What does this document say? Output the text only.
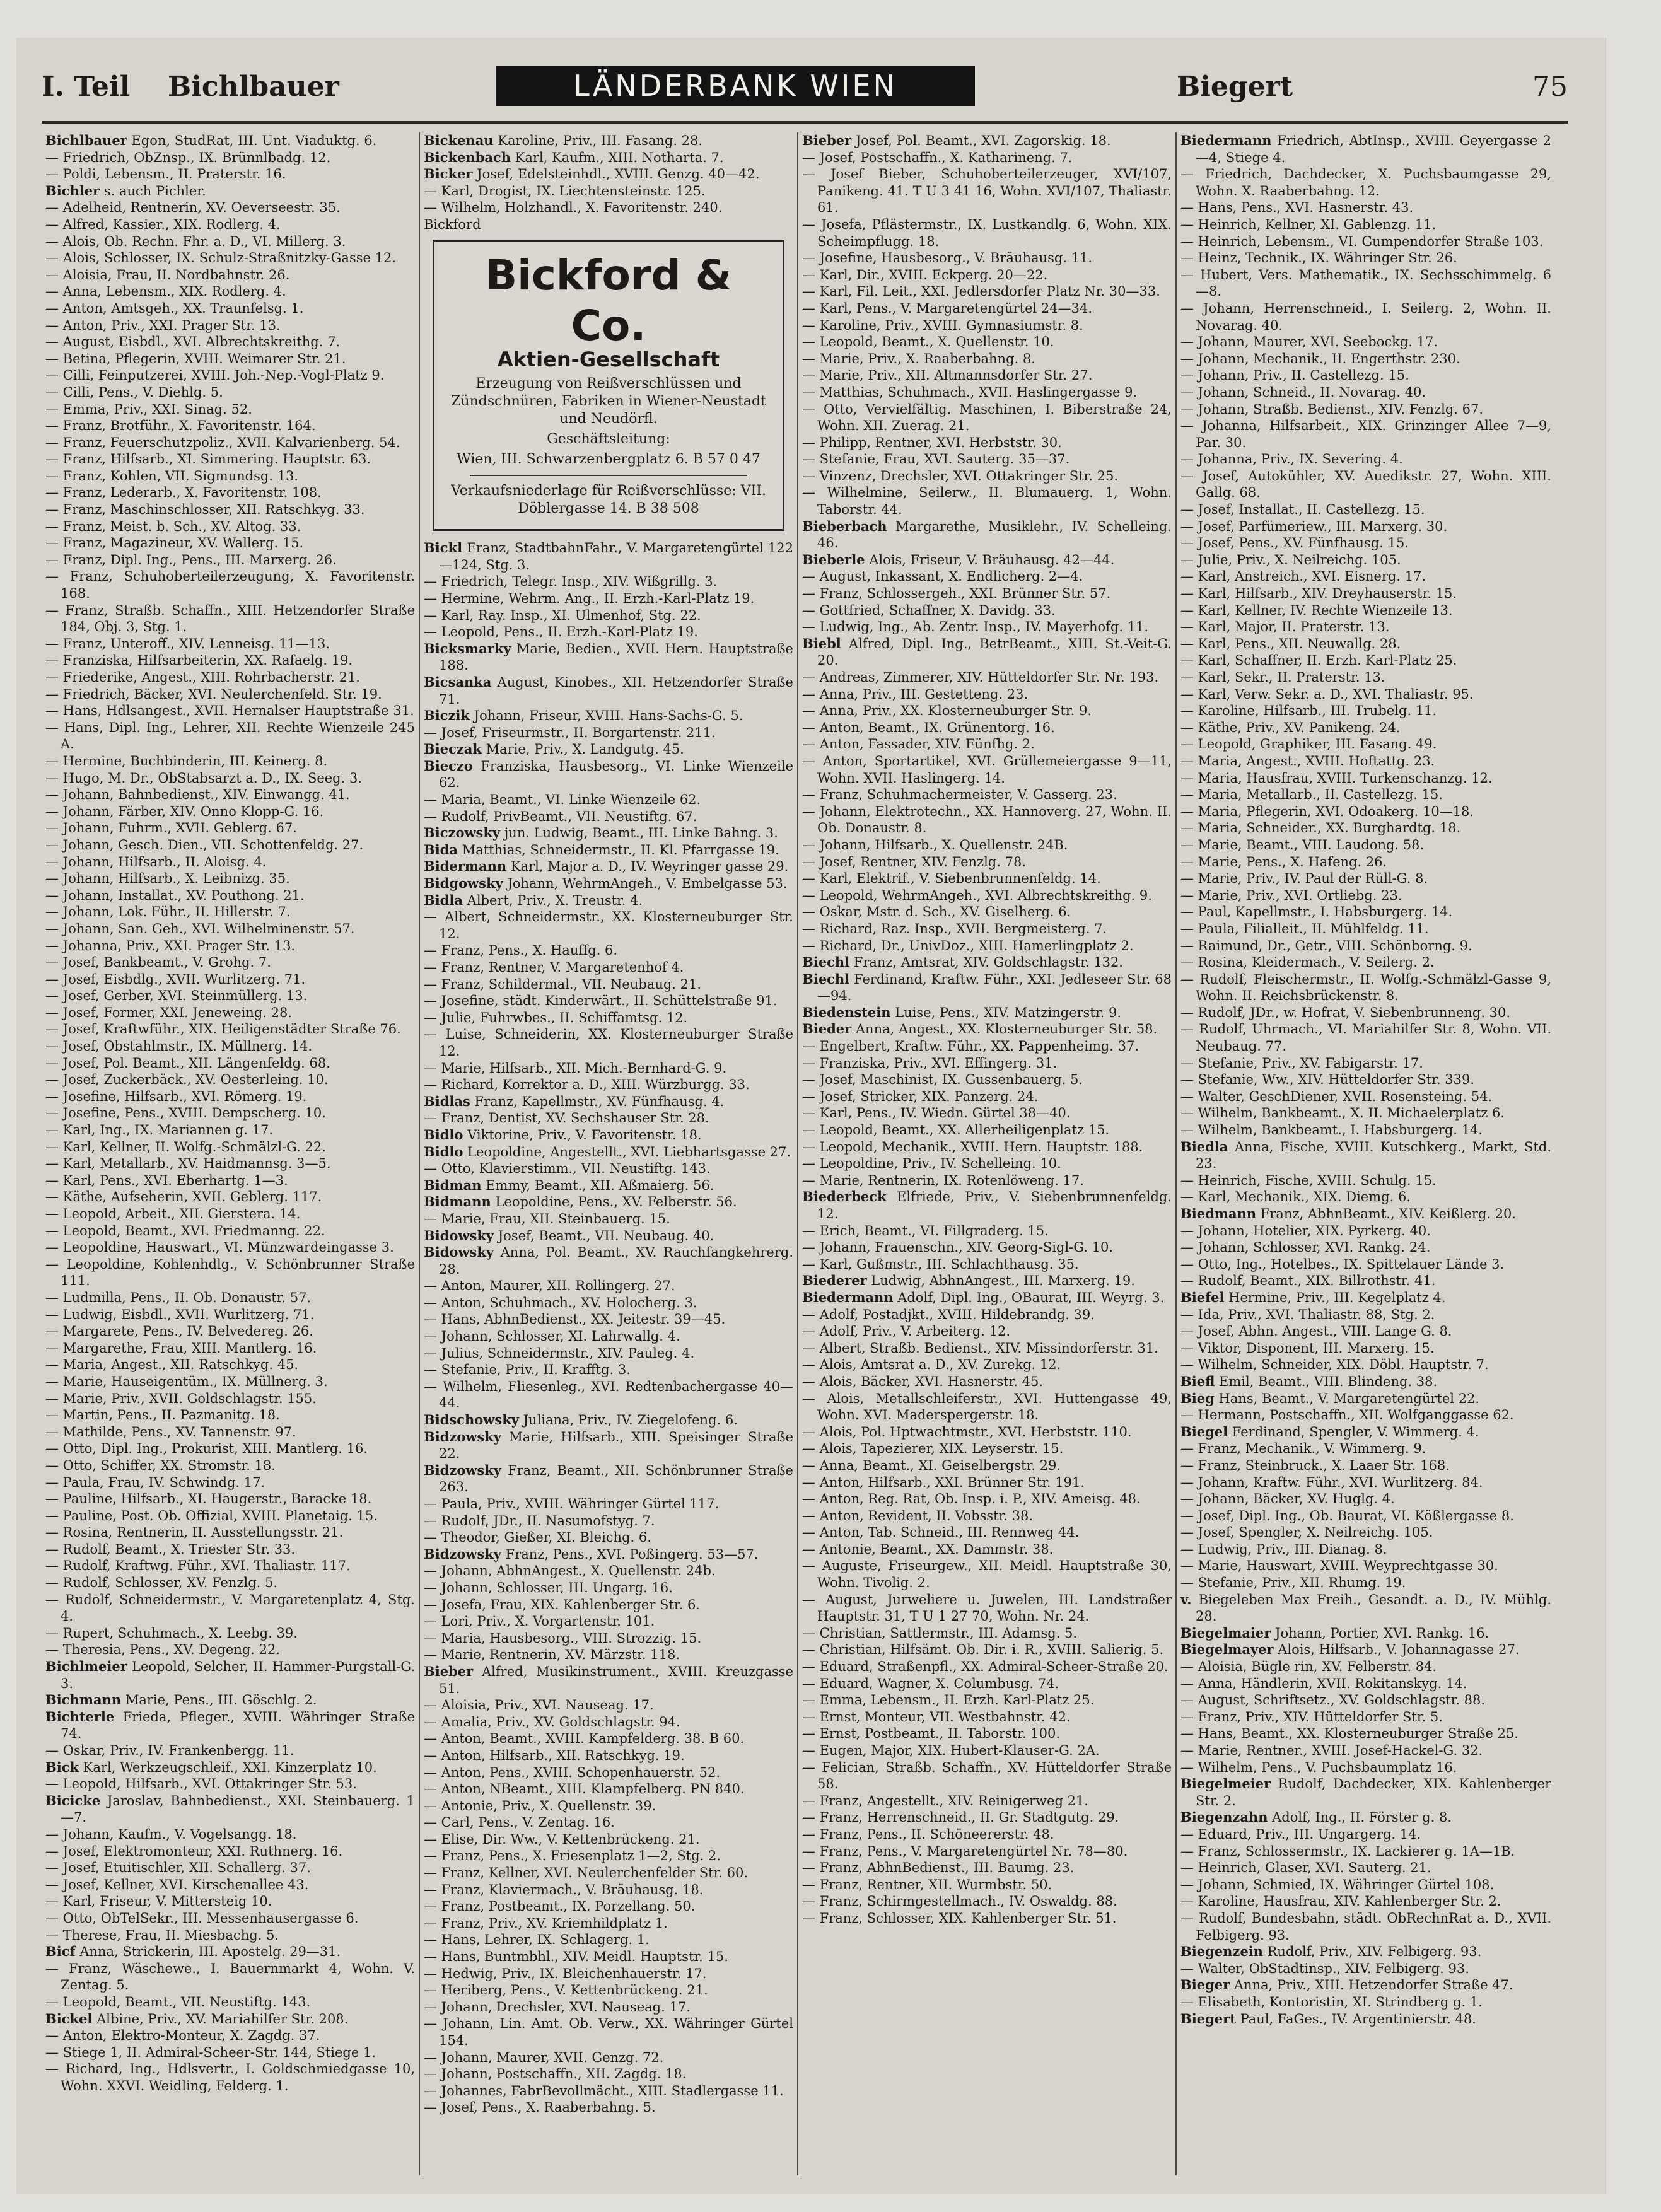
I. Teil Bichlbauer	LÄNDERBANK WIEN	Biegert	75

Bichlbauer Egon, StudRat, III. Unt. Viaduktg. 6.

— Friedrich, ObZnsp., IX. Brünnlbadg. 12.

— Poldi, Lebensm., II. Praterstr. 16.

Bichler s. auch Pichler.

— Adelheid, Rentnerin, XV. Oeverseestr. 35.

— Alfred, Kassier., XIX. Rodlerg. 4.

— Alois, Ob. Rechn. Fhr. a. D., VI. Millerg. 3.

— Alois, Schlosser, IX. Schulz-Straßnitzky-Gasse 12.

— Aloisia, Frau, II. Nordbahnstr. 26.

— Anna, Lebensm., XIX. Rodlerg. 4.

— Anton, Amtsgeh., XX. Traunfelsg. 1.

— Anton, Priv., XXI. Prager Str. 13.

— August, Eisbdl., XVI. Albrechtskreithg. 7.

— Betina, Pflegerin, XVIII. Weimarer Str. 21.

— Cilli, Feinputzerei, XVIII. Joh.-Nep.-Vogl-Platz 9.

— Cilli, Pens., V. Diehlg. 5.

— Emma, Priv., XXI. Sinag. 52.

— Franz, Brotführ., X. Favoritenstr. 164.

— Franz, Feuerschutzpoliz., XVII. Kalvarienberg. 54.

— Franz, Hilfsarb., XI. Simmering. Hauptstr. 63.

— Franz, Kohlen, VII. Sigmundsg. 13.

— Franz, Lederarb., X. Favoritenstr. 108.

— Franz, Maschinschlosser, XII. Ratschkyg. 33.

— Franz, Meist. b. Sch., XV. Altog. 33.

— Franz, Magazineur, XV. Wallerg. 15.

— Franz, Dipl. Ing., Pens., III. Marxerg. 26.

— Franz, Schuhoberteilerzeugung, X. Favoritenstr. 168.

— Franz, Straßb. Schaffn., XIII. Hetzendorfer Straße 184, Obj. 3, Stg. 1.

— Franz, Unteroff., XIV. Lenneisg. 11—13.

— Franziska, Hilfsarbeiterin, XX. Rafaelg. 19.

— Friederike, Angest., XIII. Rohrbacherstr. 21.

— Friedrich, Bäcker, XVI. Neulerchenfeld. Str. 19.

— Hans, Hdlsangest., XVII. Hernalser Hauptstraße 31.

— Hans, Dipl. Ing., Lehrer, XII. Rechte Wienzeile 245 A.

— Hermine, Buchbinderin, III. Keinerg. 8.

— Hugo, M. Dr., ObStabsarzt a. D., IX. Seeg. 3.

— Johann, Bahnbedienst., XIV. Einwangg. 41.

— Johann, Färber, XIV. Onno Klopp-G. 16.

— Johann, Fuhrm., XVII. Geblerg. 67.

— Johann, Gesch. Dien., VII. Schottenfeldg. 27.

— Johann, Hilfsarb., II. Aloisg. 4.

— Johann, Hilfsarb., X. Leibnizg. 35.

— Johann, Installat., XV. Pouthong. 21.

— Johann, Lok. Führ., II. Hillerstr. 7.

— Johann, San. Geh., XVI. Wilhelminenstr. 57.

— Johanna, Priv., XXI. Prager Str. 13.

— Josef, Bankbeamt., V. Grohg. 7.

— Josef, Eisbdlg., XVII. Wurlitzerg. 71.

— Josef, Gerber, XVI. Steinmüllerg. 13.

— Josef, Former, XXI. Jeneweing. 28.

— Josef, Kraftwführ., XIX. Heiligenstädter Straße 76.

— Josef, Obstahlmstr., IX. Müllnerg. 14.

— Josef, Pol. Beamt., XII. Längenfeldg. 68.

— Josef, Zuckerbäck., XV. Oesterleing. 10.

— Josefine, Hilfsarb., XVI. Römerg. 19.

— Josefine, Pens., XVIII. Dempscherg. 10.

— Karl, Ing., IX. Mariannen g. 17.

— Karl, Kellner, II. Wolfg.-Schmälzl-G. 22.

— Karl, Metallarb., XV. Haidmannsg. 3—5.

— Karl, Pens., XVI. Eberhartg. 1—3.

— Käthe, Aufseherin, XVII. Geblerg. 117.

— Leopold, Arbeit., XII. Gierstera. 14.

— Leopold, Beamt., XVI. Friedmanng. 22.

— Leopoldine, Hauswart., VI. Münzwardeingasse 3.

— Leopoldine, Kohlenhdlg., V. Schönbrunner Straße 111.

— Ludmilla, Pens., II. Ob. Donaustr. 57.

— Ludwig, Eisbdl., XVII. Wurlitzerg. 71.

— Margarete, Pens., IV. Belvedereg. 26.

— Margarethe, Frau, XIII. Mantlerg. 16.

— Maria, Angest., XII. Ratschkyg. 45.

— Marie, Hauseigentüm., IX. Müllnerg. 3.

— Marie, Priv., XVII. Goldschlagstr. 155.

— Martin, Pens., II. Pazmanitg. 18.

— Mathilde, Pens., XV. Tannenstr. 97.

— Otto, Dipl. Ing., Prokurist, XIII. Mantlerg. 16.

— Otto, Schiffer, XX. Stromstr. 18.

— Paula, Frau, IV. Schwindg. 17.

— Pauline, Hilfsarb., XI. Haugerstr., Baracke 18.

— Pauline, Post. Ob. Offizial, XVIII. Planetaig. 15.

— Rosina, Rentnerin, II. Ausstellungsstr. 21.

— Rudolf, Beamt., X. Triester Str. 33.

— Rudolf, Kraftwg. Führ., XVI. Thaliastr. 117.

— Rudolf, Schlosser, XV. Fenzlg. 5.

— Rudolf, Schneidermstr., V. Margaretenplatz 4, Stg. 4.

— Rupert, Schuhmach., X. Leebg. 39.

— Theresia, Pens., XV. Degeng. 22.

Bichlmeier Leopold, Selcher, II. Hammer-Purgstall-G. 3.

Bichmann Marie, Pens., III. Göschlg. 2.

Bichterle Frieda, Pfleger., XVIII. Währinger Straße 74.

— Oskar, Priv., IV. Frankenbergg. 11.

Bick Karl, Werkzeugschleif., XXI. Kinzerplatz 10.

— Leopold, Hilfsarb., XVI. Ottakringer Str. 53.

Bicicke Jaroslav, Bahnbedienst., XXI. Steinbauerg. 1—7.

— Johann, Kaufm., V. Vogelsangg. 18.

— Josef, Elektromonteur, XXI. Ruthnerg. 16.

— Josef, Etuitischler, XII. Schallerg. 37.

— Josef, Kellner, XVI. Kirschenallee 43.

— Karl, Friseur, V. Mittersteig 10.

— Otto, ObTelSekr., III. Messenhausergasse 6.

— Therese, Frau, II. Miesbachg. 5.

Bicf Anna, Strickerin, III. Apostelg. 29—31.

— Franz, Wäschewe., I. Bauernmarkt 4, Wohn. V. Zentag. 5.

— Leopold, Beamt., VII. Neustiftg. 143.

Bickel Albine, Priv., XV. Mariahilfer Str. 208.

— Anton, Elektro-Monteur, X. Zagdg. 37.

— Stiege 1, II. Admiral-Scheer-Str. 144, Stiege 1.

— Richard, Ing., Hdlsvertr., I. Goldschmiedgasse 10, Wohn. XXVI. Weidling, Felderg. 1.

Bickenau Karoline, Priv., III. Fasang. 28.

Bickenbach Karl, Kaufm., XIII. Notharta. 7.

Bicker Josef, Edelsteinhdl., XVIII. Genzg. 40—42.

— Karl, Drogist, IX. Liechtensteinstr. 125.

— Wilhelm, Holzhandl., X. Favoritenstr. 240.

Bickford

Bickford & Co.
Aktien-Gesellschaft
Erzeugung von Reißverschlüssen und Zündschnüren, Fabriken in Wiener-Neustadt und Neudörfl.
Geschäftsleitung:
Wien, III. Schwarzenbergplatz 6. B 57 0 47
Verkaufsniederlage für Reißverschlüsse: VII. Döblergasse 14. B 38 508

Bickl Franz, StadtbahnFahr., V. Margaretengürtel 122—124, Stg. 3.

— Friedrich, Telegr. Insp., XIV. Wißgrillg. 3.

— Hermine, Wehrm. Ang., II. Erzh.-Karl-Platz 19.

— Karl, Ray. Insp., XI. Ulmenhof, Stg. 22.

— Leopold, Pens., II. Erzh.-Karl-Platz 19.

Bicksmarky Marie, Bedien., XVII. Hern. Hauptstraße 188.

Bicsanka August, Kinobes., XII. Hetzendorfer Straße 71.

Biczik Johann, Friseur, XVIII. Hans-Sachs-G. 5.

— Josef, Friseurmstr., II. Borgartenstr. 211.

Bieczak Marie, Priv., X. Landgutg. 45.

Bieczo Franziska, Hausbesorg., VI. Linke Wienzeile 62.

— Maria, Beamt., VI. Linke Wienzeile 62.

— Rudolf, PrivBeamt., VII. Neustiftg. 67.

Biczowsky jun. Ludwig, Beamt., III. Linke Bahng. 3.

Bida Matthias, Schneidermstr., II. Kl. Pfarrgasse 19.

Bidermann Karl, Major a. D., IV. Weyringer gasse 29.

Bidgowsky Johann, WehrmAngeh., V. Embelgasse 53.

Bidla Albert, Priv., X. Treustr. 4.

— Albert, Schneidermstr., XX. Klosterneuburger Str. 12.

— Franz, Pens., X. Hauffg. 6.

— Franz, Rentner, V. Margaretenhof 4.

— Franz, Schildermal., VII. Neubaug. 21.

— Josefine, städt. Kinderwärt., II. Schüttelstraße 91.

— Julie, Fuhrwbes., II. Schiffamtsg. 12.

— Luise, Schneiderin, XX. Klosterneuburger Straße 12.

— Marie, Hilfsarb., XII. Mich.-Bernhard-G. 9.

— Richard, Korrektor a. D., XIII. Würzburgg. 33.

Bidlas Franz, Kapellmstr., XV. Fünfhausg. 4.

— Franz, Dentist, XV. Sechshauser Str. 28.

Bidlo Viktorine, Priv., V. Favoritenstr. 18.

Bidlo Leopoldine, Angestellt., XVI. Liebhartsgasse 27.

— Otto, Klavierstimm., VII. Neustiftg. 143.

Bidman Emmy, Beamt., XII. Aßmaierg. 56.

Bidmann Leopoldine, Pens., XV. Felberstr. 56.

— Marie, Frau, XII. Steinbauerg. 15.

Bidowsky Josef, Beamt., VII. Neubaug. 40.

Bidowsky Anna, Pol. Beamt., XV. Rauchfangkehrerg. 28.

— Anton, Maurer, XII. Rollingerg. 27.

— Anton, Schuhmach., XV. Holocherg. 3.

— Hans, AbhnBedienst., XX. Jeitestr. 39—45.

— Johann, Schlosser, XI. Lahrwallg. 4.

— Julius, Schneidermstr., XIV. Pauleg. 4.

— Stefanie, Priv., II. Krafftg. 3.

— Wilhelm, Fliesenleg., XVI. Redtenbachergasse 40—44.

Bidschowsky Juliana, Priv., IV. Ziegelofeng. 6.

Bidzowsky Marie, Hilfsarb., XIII. Speisinger Straße 22.

Bidzowsky Franz, Beamt., XII. Schönbrunner Straße 263.

— Paula, Priv., XVIII. Währinger Gürtel 117.

— Rudolf, JDr., II. Nasumofstyg. 7.

— Theodor, Gießer, XI. Bleichg. 6.

Bidzowsky Franz, Pens., XVI. Poßingerg. 53—57.

— Johann, AbhnAngest., X. Quellenstr. 24b.

— Johann, Schlosser, III. Ungarg. 16.

— Josefa, Frau, XIX. Kahlenberger Str. 6.

— Lori, Priv., X. Vorgartenstr. 101.

— Maria, Hausbesorg., VIII. Strozzig. 15.

— Marie, Rentnerin, XV. Märzstr. 118.

Bieber Alfred, Musikinstrument., XVIII. Kreuzgasse 51.

— Aloisia, Priv., XVI. Nauseag. 17.

— Amalia, Priv., XV. Goldschlagstr. 94.

— Anton, Beamt., XVIII. Kampfelderg. 38. B 60.

— Anton, Hilfsarb., XII. Ratschkyg. 19.

— Anton, Pens., XVIII. Schopenhauerstr. 52.

— Anton, NBeamt., XIII. Klampfelberg. PN 840.

— Antonie, Priv., X. Quellenstr. 39.

— Carl, Pens., V. Zentag. 16.

— Elise, Dir. Ww., V. Kettenbrückeng. 21.

— Franz, Pens., X. Friesenplatz 1—2, Stg. 2.

— Franz, Kellner, XVI. Neulerchenfelder Str. 60.

— Franz, Klaviermach., V. Bräuhausg. 18.

— Franz, Postbeamt., IX. Porzellang. 50.

— Franz, Priv., XV. Kriemhildplatz 1.

— Hans, Lehrer, IX. Schlagerg. 1.

— Hans, Buntmbhl., XIV. Meidl. Hauptstr. 15.

— Hedwig, Priv., IX. Bleichenhauerstr. 17.

— Heriberg, Pens., V. Kettenbrückeng. 21.

— Johann, Drechsler, XVI. Nauseag. 17.

— Johann, Lin. Amt. Ob. Verw., XX. Währinger Gürtel 154.

— Johann, Maurer, XVII. Genzg. 72.

— Johann, Postschaffn., XII. Zagdg. 18.

— Johannes, FabrBevollmächt., XIII. Stadlergasse 11.

— Josef, Pens., X. Raaberbahng. 5.

Bieber Josef, Pol. Beamt., XVI. Zagorskig. 18.

— Josef, Postschaffn., X. Katharineng. 7.

— Josef Bieber, Schuhoberteilerzeuger, XVI/107, Panikeng. 41. T U 3 41 16, Wohn. XVI/107, Thaliastr. 61.

— Josefa, Pflästermstr., IX. Lustkandlg. 6, Wohn. XIX. Scheimpflugg. 18.

— Josefine, Hausbesorg., V. Bräuhausg. 11.

— Karl, Dir., XVIII. Eckperg. 20—22.

— Karl, Fil. Leit., XXI. Jedlersdorfer Platz Nr. 30—33.

— Karl, Pens., V. Margaretengürtel 24—34.

— Karoline, Priv., XVIII. Gymnasiumstr. 8.

— Leopold, Beamt., X. Quellenstr. 10.

— Marie, Priv., X. Raaberbahng. 8.

— Marie, Priv., XII. Altmannsdorfer Str. 27.

— Matthias, Schuhmach., XVII. Haslingergasse 9.

— Otto, Vervielfältig. Maschinen, I. Biberstraße 24, Wohn. XII. Zuerag. 21.

— Philipp, Rentner, XVI. Herbststr. 30.

— Stefanie, Frau, XVI. Sauterg. 35—37.

— Vinzenz, Drechsler, XVI. Ottakringer Str. 25.

— Wilhelmine, Seilerw., II. Blumauerg. 1, Wohn. Taborstr. 44.

Bieberbach Margarethe, Musiklehr., IV. Schelleing. 46.

Bieberle Alois, Friseur, V. Bräuhausg. 42—44.

— August, Inkassant, X. Endlicherg. 2—4.

— Franz, Schlossergeh., XXI. Brünner Str. 57.

— Gottfried, Schaffner, X. Davidg. 33.

— Ludwig, Ing., Ab. Zentr. Insp., IV. Mayerhofg. 11.

Biebl Alfred, Dipl. Ing., BetrBeamt., XIII. St.-Veit-G. 20.

— Andreas, Zimmerer, XIV. Hütteldorfer Str. Nr. 193.

— Anna, Priv., III. Gestetteng. 23.

— Anna, Priv., XX. Klosterneuburger Str. 9.

— Anton, Beamt., IX. Grünentorg. 16.

— Anton, Fassader, XIV. Fünfhg. 2.

— Anton, Sportartikel, XVI. Grüllemeiergasse 9—11, Wohn. XVII. Haslingerg. 14.

— Franz, Schuhmachermeister, V. Gasserg. 23.

— Johann, Elektrotechn., XX. Hannoverg. 27, Wohn. II. Ob. Donaustr. 8.

— Johann, Hilfsarb., X. Quellenstr. 24B.

— Josef, Rentner, XIV. Fenzlg. 78.

— Karl, Elektrif., V. Siebenbrunnenfeldg. 14.

— Leopold, WehrmAngeh., XVI. Albrechtskreithg. 9.

— Oskar, Mstr. d. Sch., XV. Giselherg. 6.

— Richard, Raz. Insp., XVII. Bergmeisterg. 7.

— Richard, Dr., UnivDoz., XIII. Hamerlingplatz 2.

Biechl Franz, Amtsrat, XIV. Goldschlagstr. 132.

Biechl Ferdinand, Kraftw. Führ., XXI. Jedleseer Str. 68—94.

Biedenstein Luise, Pens., XIV. Matzingerstr. 9.

Bieder Anna, Angest., XX. Klosterneuburger Str. 58.

— Engelbert, Kraftw. Führ., XX. Pappenheimg. 37.

— Franziska, Priv., XVI. Effingerg. 31.

— Josef, Maschinist, IX. Gussenbauerg. 5.

— Josef, Stricker, XIX. Panzerg. 24.

— Karl, Pens., IV. Wiedn. Gürtel 38—40.

— Leopold, Beamt., XX. Allerheiligenplatz 15.

— Leopold, Mechanik., XVIII. Hern. Hauptstr. 188.

— Leopoldine, Priv., IV. Schelleing. 10.

— Marie, Rentnerin, IX. Rotenlöweng. 17.

Biederbeck Elfriede, Priv., V. Siebenbrunnenfeldg. 12.

— Erich, Beamt., VI. Fillgraderg. 15.

— Johann, Frauenschn., XIV. Georg-Sigl-G. 10.

— Karl, Gußmstr., III. Schlachthausg. 35.

Biederer Ludwig, AbhnAngest., III. Marxerg. 19.

Biedermann Adolf, Dipl. Ing., OBaurat, III. Weyrg. 3.

— Adolf, Postadjkt., XVIII. Hildebrandg. 39.

— Adolf, Priv., V. Arbeiterg. 12.

— Albert, Straßb. Bedienst., XIV. Missindorferstr. 31.

— Alois, Amtsrat a. D., XV. Zurekg. 12.

— Alois, Bäcker, XVI. Hasnerstr. 45.

— Alois, Metallschleiferstr., XVI. Huttengasse 49, Wohn. XVI. Maderspergerstr. 18.

— Alois, Pol. Hptwachtmstr., XVI. Herbststr. 110.

— Alois, Tapezierer, XIX. Leyserstr. 15.

— Anna, Beamt., XI. Geiselbergstr. 29.

— Anton, Hilfsarb., XXI. Brünner Str. 191.

— Anton, Reg. Rat, Ob. Insp. i. P., XIV. Ameisg. 48.

— Anton, Revident, II. Vobsstr. 38.

— Anton, Tab. Schneid., III. Rennweg 44.

— Antonie, Beamt., XX. Dammstr. 38.

— Auguste, Friseurgew., XII. Meidl. Hauptstraße 30, Wohn. Tivolig. 2.

— August, Jurweliere u. Juwelen, III. Landstraßer Hauptstr. 31, T U 1 27 70, Wohn. Nr. 24.

— Christian, Sattlermstr., III. Adamsg. 5.

— Christian, Hilfsämt. Ob. Dir. i. R., XVIII. Salierig. 5.

— Eduard, Straßenpfl., XX. Admiral-Scheer-Straße 20.

— Eduard, Wagner, X. Columbusg. 74.

— Emma, Lebensm., II. Erzh. Karl-Platz 25.

— Ernst, Monteur, VII. Westbahnstr. 42.

— Ernst, Postbeamt., II. Taborstr. 100.

— Eugen, Major, XIX. Hubert-Klauser-G. 2A.

— Felician, Straßb. Schaffn., XV. Hütteldorfer Straße 58.

— Franz, Angestellt., XIV. Reinigerweg 21.

— Franz, Herrenschneid., II. Gr. Stadtgutg. 29.

— Franz, Pens., II. Schöneererstr. 48.

— Franz, Pens., V. Margaretengürtel Nr. 78—80.

— Franz, AbhnBedienst., III. Baumg. 23.

— Franz, Rentner, XII. Wurmbstr. 50.

— Franz, Schirmgestellmach., IV. Oswaldg. 88.

— Franz, Schlosser, XIX. Kahlenberger Str. 51.

Biedermann Friedrich, AbtInsp., XVIII. Geyergasse 2—4, Stiege 4.

— Friedrich, Dachdecker, X. Puchsbaumgasse 29, Wohn. X. Raaberbahng. 12.

— Hans, Pens., XVI. Hasnerstr. 43.

— Heinrich, Kellner, XI. Gablenzg. 11.

— Heinrich, Lebensm., VI. Gumpendorfer Straße 103.

— Heinz, Technik., IX. Währinger Str. 26.

— Hubert, Vers. Mathematik., IX. Sechsschimmelg. 6—8.

— Johann, Herrenschneid., I. Seilerg. 2, Wohn. II. Novarag. 40.

— Johann, Maurer, XVI. Seebockg. 17.

— Johann, Mechanik., II. Engerthstr. 230.

— Johann, Priv., II. Castellezg. 15.

— Johann, Schneid., II. Novarag. 40.

— Johann, Straßb. Bedienst., XIV. Fenzlg. 67.

— Johanna, Hilfsarbeit., XIX. Grinzinger Allee 7—9, Par. 30.

— Johanna, Priv., IX. Severing. 4.

— Josef, Autokühler, XV. Auedikstr. 27, Wohn. XIII. Gallg. 68.

— Josef, Installat., II. Castellezg. 15.

— Josef, Parfümeriew., III. Marxerg. 30.

— Josef, Pens., XV. Fünfhausg. 15.

— Julie, Priv., X. Neilreichg. 105.

— Karl, Anstreich., XVI. Eisnerg. 17.

— Karl, Hilfsarb., XIV. Dreyhauserstr. 15.

— Karl, Kellner, IV. Rechte Wienzeile 13.

— Karl, Major, II. Praterstr. 13.

— Karl, Pens., XII. Neuwallg. 28.

— Karl, Schaffner, II. Erzh. Karl-Platz 25.

— Karl, Sekr., II. Praterstr. 13.

— Karl, Verw. Sekr. a. D., XVI. Thaliastr. 95.

— Karoline, Hilfsarb., III. Trubelg. 11.

— Käthe, Priv., XV. Panikeng. 24.

— Leopold, Graphiker, III. Fasang. 49.

— Maria, Angest., XVIII. Hoftattg. 23.

— Maria, Hausfrau, XVIII. Turkenschanzg. 12.

— Maria, Metallarb., II. Castellezg. 15.

— Maria, Pflegerin, XVI. Odoakerg. 10—18.

— Maria, Schneider., XX. Burghardtg. 18.

— Marie, Beamt., VIII. Laudong. 58.

— Marie, Pens., X. Hafeng. 26.

— Marie, Priv., IV. Paul der Rüll-G. 8.

— Marie, Priv., XVI. Ortliebg. 23.

— Paul, Kapellmstr., I. Habsburgerg. 14.

— Paula, Filialleit., II. Mühlfeldg. 11.

— Raimund, Dr., Getr., VIII. Schönborng. 9.

— Rosina, Kleidermach., V. Seilerg. 2.

— Rudolf, Fleischermstr., II. Wolfg.-Schmälzl-Gasse 9, Wohn. II. Reichsbrückenstr. 8.

— Rudolf, JDr., w. Hofrat, V. Siebenbrunneng. 30.

— Rudolf, Uhrmach., VI. Mariahilfer Str. 8, Wohn. VII. Neubaug. 77.

— Stefanie, Priv., XV. Fabigarstr. 17.

— Stefanie, Ww., XIV. Hütteldorfer Str. 339.

— Walter, GeschDiener, XVII. Rosensteing. 54.

— Wilhelm, Bankbeamt., X. II. Michaelerplatz 6.

— Wilhelm, Bankbeamt., I. Habsburgerg. 14.

Biedla Anna, Fische, XVIII. Kutschkerg., Markt, Std. 23.

— Heinrich, Fische, XVIII. Schulg. 15.

— Karl, Mechanik., XIX. Diemg. 6.

Biedmann Franz, AbhnBeamt., XIV. Keißlerg. 20.

— Johann, Hotelier, XIX. Pyrkerg. 40.

— Johann, Schlosser, XVI. Rankg. 24.

— Otto, Ing., Hotelbes., IX. Spittelauer Lände 3.

— Rudolf, Beamt., XIX. Billrothstr. 41.

Biefel Hermine, Priv., III. Kegelplatz 4.

— Ida, Priv., XVI. Thaliastr. 88, Stg. 2.

— Josef, Abhn. Angest., VIII. Lange G. 8.

— Viktor, Disponent, III. Marxerg. 15.

— Wilhelm, Schneider, XIX. Döbl. Hauptstr. 7.

Biefl Emil, Beamt., VIII. Blindeng. 38.

Bieg Hans, Beamt., V. Margaretengürtel 22.

— Hermann, Postschaffn., XII. Wolfganggasse 62.

Biegel Ferdinand, Spengler, V. Wimmerg. 4.

— Franz, Mechanik., V. Wimmerg. 9.

— Franz, Steinbruck., X. Laaer Str. 168.

— Johann, Kraftw. Führ., XVI. Wurlitzerg. 84.

— Johann, Bäcker, XV. Huglg. 4.

— Josef, Dipl. Ing., Ob. Baurat, VI. Kößlergasse 8.

— Josef, Spengler, X. Neilreichg. 105.

— Ludwig, Priv., III. Dianag. 8.

— Marie, Hauswart, XVIII. Weyprechtgasse 30.

— Stefanie, Priv., XII. Rhumg. 19.

v. Biegeleben Max Freih., Gesandt. a. D., IV. Mühlg. 28.

Biegelmaier Johann, Portier, XVI. Rankg. 16.

Biegelmayer Alois, Hilfsarb., V. Johannagasse 27.

— Aloisia, Bügle rin, XV. Felberstr. 84.

— Anna, Händlerin, XVII. Rokitanskyg. 14.

— August, Schriftsetz., XV. Goldschlagstr. 88.

— Franz, Priv., XIV. Hütteldorfer Str. 5.

— Hans, Beamt., XX. Klosterneuburger Straße 25.

— Marie, Rentner., XVIII. Josef-Hackel-G. 32.

— Wilhelm, Pens., V. Puchsbaumplatz 16.

Biegelmeier Rudolf, Dachdecker, XIX. Kahlenberger Str. 2.

Biegenzahn Adolf, Ing., II. Förster g. 8.

— Eduard, Priv., III. Ungargerg. 14.

— Franz, Schlossermstr., IX. Lackierer g. 1A—1B.

— Heinrich, Glaser, XVI. Sauterg. 21.

— Johann, Schmied, IX. Währinger Gürtel 108.

— Karoline, Hausfrau, XIV. Kahlenberger Str. 2.

— Rudolf, Bundesbahn, städt. ObRechnRat a. D., XVII. Felbigerg. 93.

Biegenzein Rudolf, Priv., XIV. Felbigerg. 93.

— Walter, ObStadtinsp., XIV. Felbigerg. 93.

Bieger Anna, Priv., XIII. Hetzendorfer Straße 47.

— Elisabeth, Kontoristin, XI. Strindberg g. 1.

Biegert Paul, FaGes., IV. Argentinierstr. 48.
